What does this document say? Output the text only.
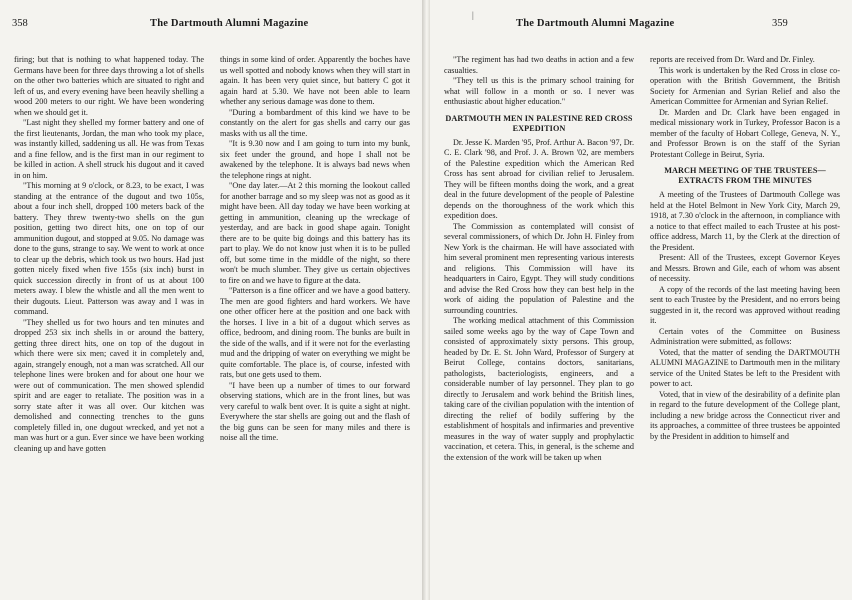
358	The Dartmouth Alumni Magazine

firing; but that is nothing to what happened today. The Germans have been for three days throwing a lot of shells on the other two batteries which are situated to right and left of us, and every evening have been heavily shelling a wood 200 meters to our right. We have been wondering when we should get it.

"Last night they shelled my former battery and one of the first lieutenants, Jordan, the man who took my place, was instantly killed, saddening us all. He was from Texas and a fine fellow, and is the first man in our regiment to be killed in action. A shell struck his dugout and it caved in on him.

"This morning at 9 o'clock, or 8.23, to be exact, I was standing at the entrance of the dugout and two 105s, about a four inch shell, dropped 100 meters back of the battery. They threw twenty-two shells on the gun position, getting two direct hits, one on top of our ammunition dugout, and stopped at 9.05. No damage was done to the guns, strange to say. We went to work at once to clear up the debris, which took us two hours. Had just gotten nicely fixed when five 155s (six inch) burst in quick succession directly in front of us at about 100 meters away. I blew the whistle and all the men went to their dugouts. Lieut. Patterson was away and I was in command.

"They shelled us for two hours and ten minutes and dropped 253 six inch shells in or around the battery, getting three direct hits, one on top of the dugout in which there were six men; caved it in completely and, again, strangely enough, not a man was scratched. All our telephone lines were broken and for about one hour we were out of communication. The men showed splendid spirit and are eager to retaliate. The position was in a sorry state after it was all over. Our kitchen was demolished and connecting trenches to the guns completely filled in, one dugout wrecked, and yet not a man was hurt or a gun. Ever since we have been working cleaning up and have gotten

things in some kind of order. Apparently the boches have us well spotted and nobody knows when they will start in again. It has been very quiet since, but battery C got it again hard at 5.30. We have not been able to learn whether any serious damage was done to them.

"During a bombardment of this kind we have to be constantly on the alert for gas shells and carry our gas masks with us all the time.

"It is 9.30 now and I am going to turn into my bunk, six feet under the ground, and hope I shall not be awakened by the telephone. It is always bad news when the telephone rings at night.

"One day later.—At 2 this morning the lookout called for another barrage and so my sleep was not as good as it might have been. All day today we have been working at getting in ammunition, cleaning up the wreckage of yesterday, and are back in good shape again. Tonight there are to be quite big doings and this battery has its part to play. We do not know just when it is to be pulled off, but some time in the middle of the night, so there won't be much slumber. They give us certain objectives to fire on and we have to figure at the data.

"Patterson is a fine officer and we have a good battery. The men are good fighters and hard workers. We have one other officer here at the position and one back with the horses. I live in a bit of a dugout which serves as office, bedroom, and dining room. The bunks are built in the side of the walls, and if it were not for the everlasting mud and the dripping of water on everything we might be quite comfortable. The place is, of course, infested with rats, but one gets used to them.

"I have been up a number of times to our forward observing stations, which are in the front lines, but was very careful to walk bent over. It is quite a sight at night. Everywhere the star shells are going out and the flash of the big guns can be seen for many miles and there is noise all the time.

|
The Dartmouth Alumni Magazine	359

"The regiment has had two deaths in action and a few casualties.

"They tell us this is the primary school training for what will follow in a month or so. I never was enthusiastic about higher education."

DARTMOUTH MEN IN PALESTINE RED CROSS EXPEDITION

Dr. Jesse K. Marden '95, Prof. Arthur A. Bacon '97, Dr. C. E. Clark '98, and Prof. J. A. Brown '02, are members of the Palestine expedition which the American Red Cross has sent abroad for civilian relief to Jerusalem. They will be fifteen months doing the work, and a great deal in the future development of the people of Palestine depends on the thoroughness of the work which this expedition does.

The Commission as contemplated will consist of several commissioners, of which Dr. John H. Finley from New York is the chairman. He will have associated with him several prominent men representing various interests and religions. This Commission will have its headquarters in Cairo, Egypt. They will study conditions and advise the Red Cross how they can best help in the work of aiding the population of Palestine and the surrounding countries.

The working medical attachment of this Commission sailed some weeks ago by the way of Cape Town and consisted of approximately sixty persons. This group, headed by Dr. E. St. John Ward, Professor of Surgery at Beirut College, contains doctors, sanitarians, pathologists, bacteriologists, engineers, and a considerable number of lay personnel. They plan to go directly to Jerusalem and work behind the British lines, taking care of the civilian population with the intention of directing the relief of bodily suffering by the establishment of hospitals and infirmaries and preventive measures in the way of water supply and prophylactic vaccination, et cetera. This, in general, is the scheme and the extension of the work will be taken up when

reports are received from Dr. Ward and Dr. Finley.

This work is undertaken by the Red Cross in close co-operation with the British Government, the British Society for Armenian and Syrian Relief and also the American Committee for Armenian and Syrian Relief.

Dr. Marden and Dr. Clark have been engaged in medical missionary work in Turkey, Professor Bacon is a member of the faculty of Hobart College, Geneva, N. Y., and Professor Brown is on the staff of the Syrian Protestant College in Beirut, Syria.

MARCH MEETING OF THE TRUSTEES—EXTRACTS FROM THE MINUTES

A meeting of the Trustees of Dartmouth College was held at the Hotel Belmont in New York City, March 29, 1918, at 7.30 o'clock in the afternoon, in compliance with a notice to that effect mailed to each Trustee at his post-office address, March 11, by the Clerk at the direction of the President.

Present: All of the Trustees, except Governor Keyes and Messrs. Brown and Gile, each of whom was absent of necessity.

A copy of the records of the last meeting having been sent to each Trustee by the President, and no errors being suggested in it, the record was approved without reading it.

Certain votes of the Committee on Business Administration were submitted, as follows:

Voted, that the matter of sending the DARTMOUTH ALUMNI MAGAZINE to Dartmouth men in the military service of the United States be left to the President with power to act.

Voted, that in view of the desirability of a definite plan in regard to the future development of the College plant, including a new bridge across the Connecticut river and its approaches, a committee of three trustees be appointed by the President in addition to himself and
